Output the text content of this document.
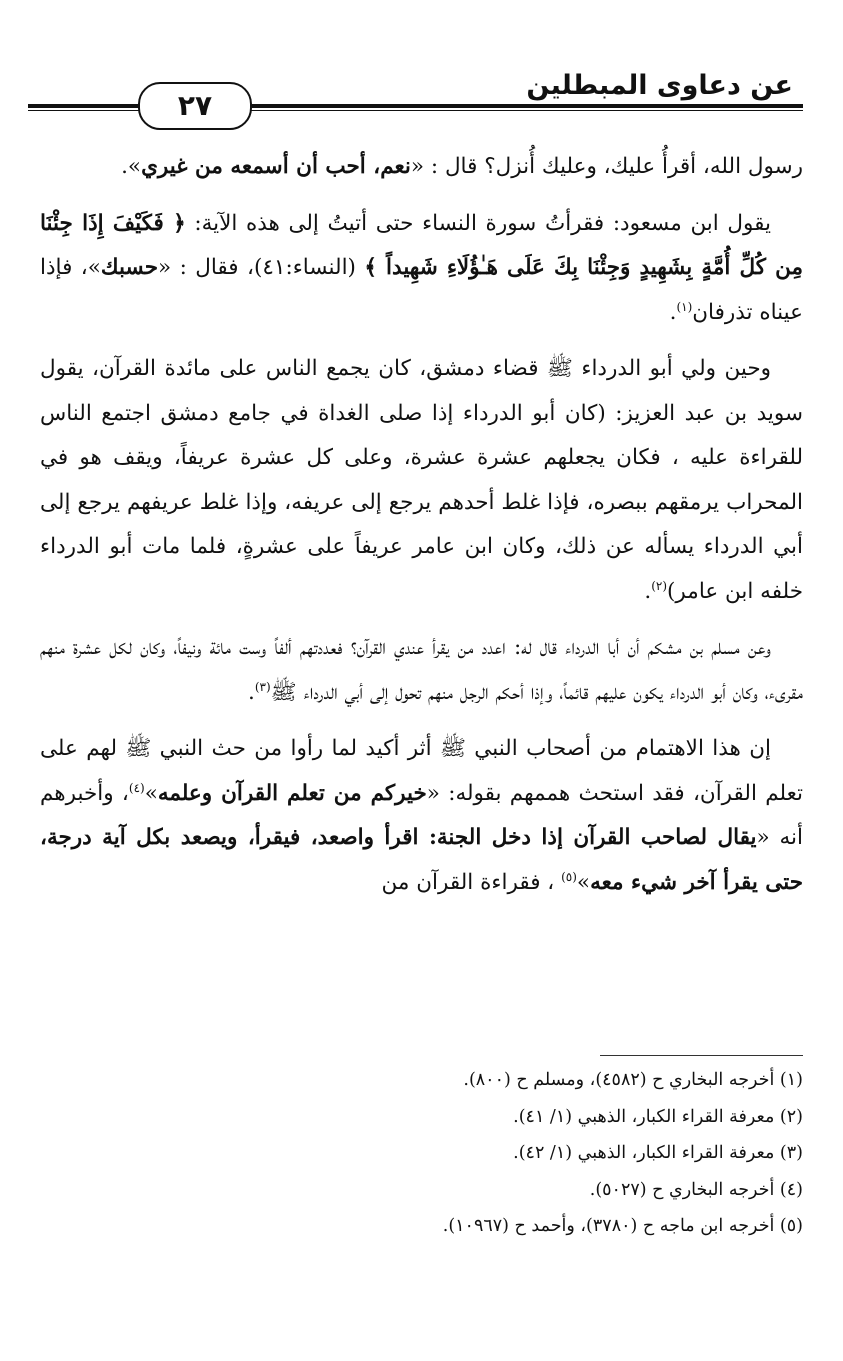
عن دعاوى المبطلين
٢٧

رسول الله، أقرأُ عليك، وعليك أُنزل؟ قال : «نعم، أحب أن أسمعه من غيري».

يقول ابن مسعود: فقرأتُ سورة النساء حتى أتيتُ إلى هذه الآية: ﴿ فَكَيْفَ إِذَا جِئْنَا مِن كُلِّ أُمَّةٍ بِشَهِيدٍ وَجِئْنَا بِكَ عَلَى هَـٰؤُلَاءِ شَهِيداً ﴾ (النساء:٤١)، فقال : «حسبك»، فإذا عيناه تذرفان$^{(١)}$.

وحين ولي أبو الدرداء ﷺ قضاء دمشق، كان يجمع الناس على مائدة القرآن، يقول سويد بن عبد العزيز: (كان أبو الدرداء إذا صلى الغداة في جامع دمشق اجتمع الناس للقراءة عليه ، فكان يجعلهم عشرة عشرة، وعلى كل عشرة عريفاً، ويقف هو في المحراب يرمقهم ببصره، فإذا غلط أحدهم يرجع إلى عريفه، وإذا غلط عريفهم يرجع إلى أبي الدرداء يسأله عن ذلك، وكان ابن عامر عريفاً على عشرةٍ، فلما مات أبو الدرداء خلفه ابن عامر)$^{(٢)}$.

وعن مسلم بن مشكم أن أبا الدرداء قال له: اعدد من يقرأ عندي القرآن؟ فعددتهم ألفاً وست مائة ونيفاً، وكان لكل عشرة منهم مقرىء، وكان أبو الدرداء يكون عليهم قائماً، وإذا أحكم الرجل منهم تحول إلى أبي الدرداء ﷺ$^{(٣)}$.

إن هذا الاهتمام من أصحاب النبي ﷺ أثر أكيد لما رأوا من حث النبي ﷺ لهم على تعلم القرآن، فقد استحث هممهم بقوله: «خيركم من تعلم القرآن وعلمه»$^{(٤)}$، وأخبرهم أنه «يقال لصاحب القرآن إذا دخل الجنة: اقرأ واصعد، فيقرأ، ويصعد بكل آية درجة، حتى يقرأ آخر شيء معه»$^{(٥)}$ ، فقراءة القرآن من

(١) أخرجه البخاري ح (٤٥٨٢)، ومسلم ح (٨٠٠).
(٢) معرفة القراء الكبار، الذهبي (١/ ٤١).
(٣) معرفة القراء الكبار، الذهبي (١/ ٤٢).
(٤) أخرجه البخاري ح (٥٠٢٧).
(٥) أخرجه ابن ماجه ح (٣٧٨٠)، وأحمد ح (١٠٩٦٧).
